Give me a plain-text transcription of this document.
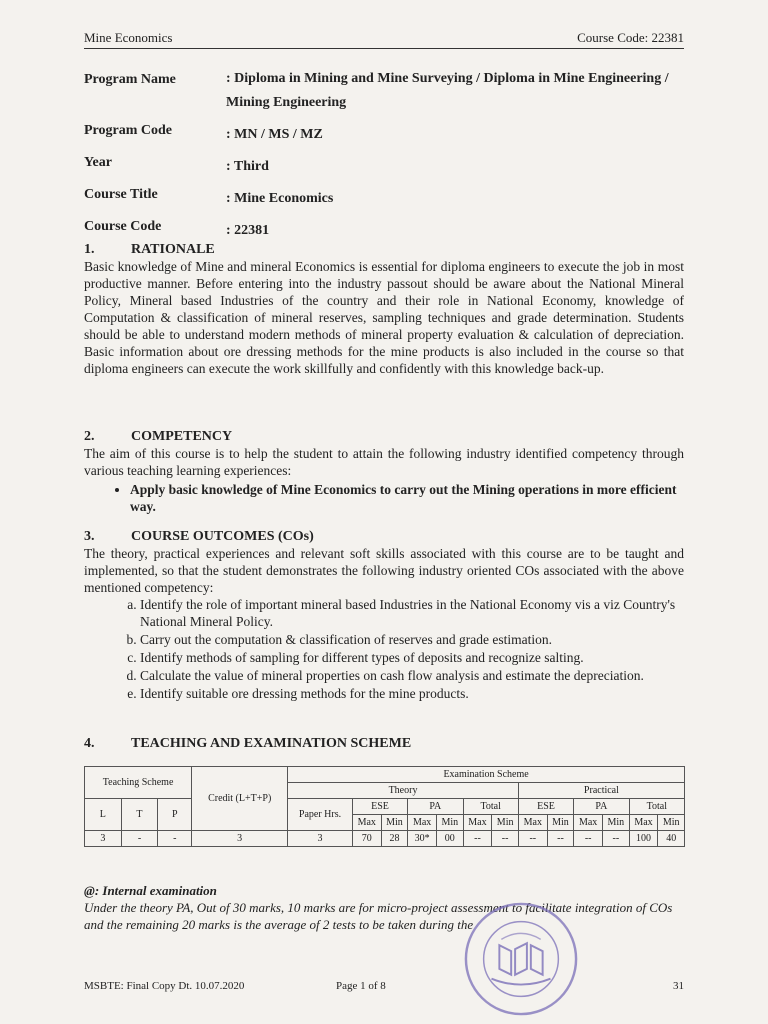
Mine Economics	Course Code: 22381
Program Name	: Diploma in Mining and Mine Surveying / Diploma in Mine Engineering / Mining Engineering
Program Code	: MN / MS / MZ
Year	: Third
Course Title	: Mine Economics
Course Code	: 22381
1.	RATIONALE

Basic knowledge of Mine and mineral Economics is essential for diploma engineers to execute the job in most productive manner. Before entering into the industry passout should be aware about the National Mineral Policy, Mineral based Industries of the country and their role in National Economy, knowledge of Computation & classification of mineral reserves, sampling techniques and grade determination. Students should be able to understand modern methods of mineral property evaluation & calculation of depreciation. Basic information about ore dressing methods for the mine products is also included in the course so that diploma engineers can execute the work skillfully and confidently with this knowledge back-up.

2.	COMPETENCY

The aim of this course is to help the student to attain the following industry identified competency through various teaching learning experiences:

• Apply basic knowledge of Mine Economics to carry out the Mining operations in more efficient way.
3.	COURSE OUTCOMES (COs)

The theory, practical experiences and relevant soft skills associated with this course are to be taught and implemented, so that the student demonstrates the following industry oriented COs associated with the above mentioned competency:

a. Identify the role of important mineral based Industries in the National Economy vis a viz Country's National Mineral Policy.
b. Carry out the computation & classification of reserves and grade estimation.
c. Identify methods of sampling for different types of deposits and recognize salting.
d. Calculate the value of mineral properties on cash flow analysis and estimate the depreciation.
e. Identify suitable ore dressing methods for the mine products.
4.	TEACHING AND EXAMINATION SCHEME
Teaching Scheme			Credit (L+T+P)	Examination Scheme												
				Theory							Practical					
L	T	P		Paper Hrs.	ESE		PA		Total		ESE		PA		Total	
					Max	Min	Max	Min	Max	Min	Max	Min	Max	Min	Max	Min
3	-	-	3	3	70	28	30*	00	--	--	--	--	--	--	100	40
@: Internal examination
Under the theory PA, Out of 30 marks, 10 marks are for micro-project assessment to facilitate integration of COs and the remaining 20 marks is the average of 2 tests to be taken during the
MSBTE: Final Copy Dt. 10.07.2020	Page 1 of 8	31
